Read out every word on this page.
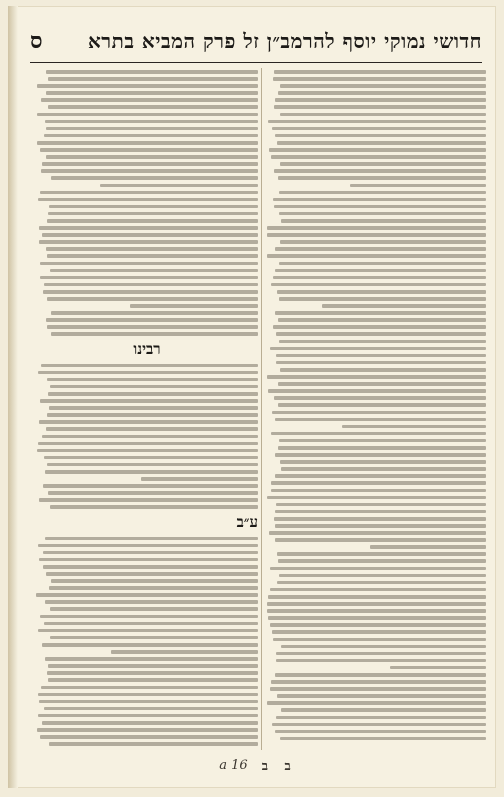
חדושי נמוקי יוסף להרמב״ן זל פרק המביא בתרא
ס
רבינו
ע״ב
ב ב
16 a
